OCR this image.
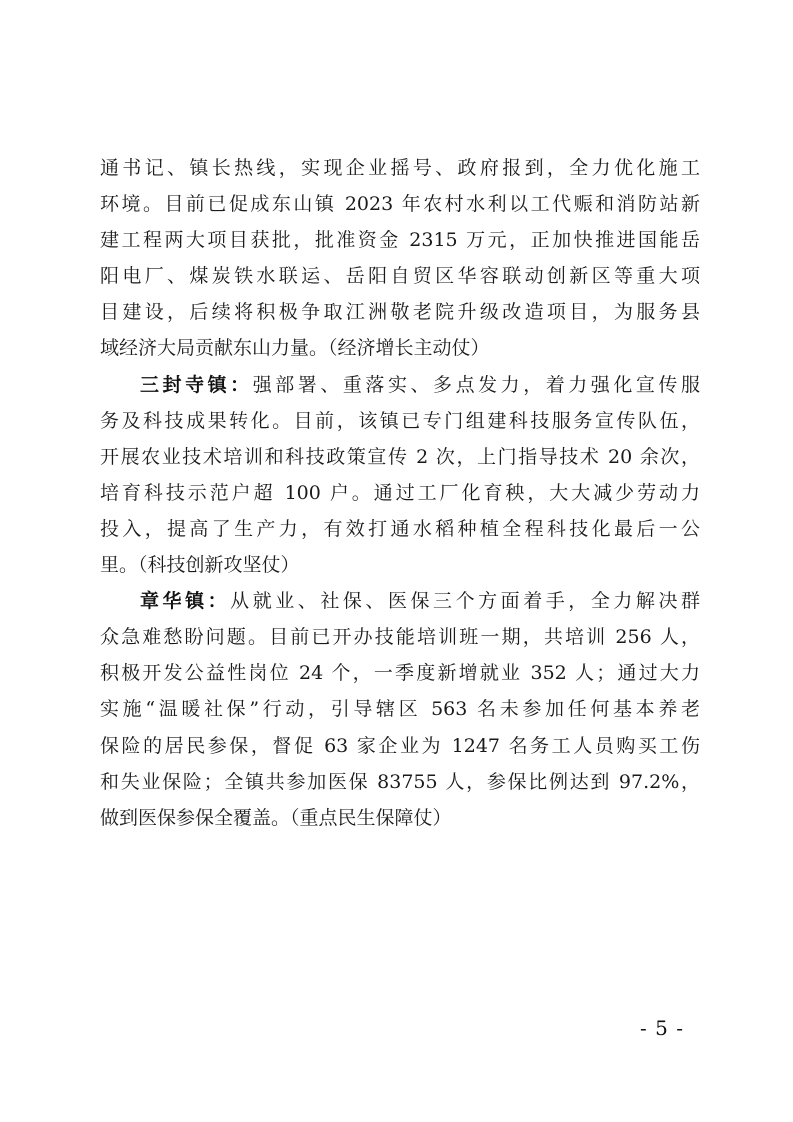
通书记、镇长热线，实现企业摇号、政府报到，全力优化施工
环境。目前已促成东山镇 2023 年农村水利以工代赈和消防站新
建工程两大项目获批，批准资金 2315 万元，正加快推进国能岳
阳电厂、煤炭铁水联运、岳阳自贸区华容联动创新区等重大项
目建设，后续将积极争取江洲敬老院升级改造项目，为服务县
域经济大局贡献东山力量。（经济增长主动仗）
三封寺镇：强部署、重落实、多点发力，着力强化宣传服
务及科技成果转化。目前，该镇已专门组建科技服务宣传队伍，
开展农业技术培训和科技政策宣传 2 次，上门指导技术 20 余次，
培育科技示范户超 100 户。通过工厂化育秧，大大减少劳动力
投入，提高了生产力，有效打通水稻种植全程科技化最后一公
里。（科技创新攻坚仗）
章华镇：从就业、社保、医保三个方面着手，全力解决群
众急难愁盼问题。目前已开办技能培训班一期，共培训 256 人，
积极开发公益性岗位 24 个，一季度新增就业 352 人；通过大力
实施“温暖社保”行动，引导辖区 563 名未参加任何基本养老
保险的居民参保，督促 63 家企业为 1247 名务工人员购买工伤
和失业保险；全镇共参加医保 83755 人，参保比例达到 97.2%，
做到医保参保全覆盖。（重点民生保障仗）
- 5 -
